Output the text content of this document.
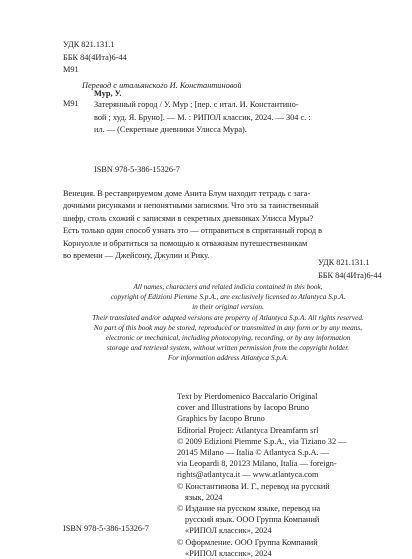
УДК 821.131.1
ББК 84(4Ита)6-44
М91
Перевод с итальянского И. Константиновой
Мур, У.
М91 Затерянный город / У. Мур ; [пер. с итал. И. Константино-
вой ; худ. Я. Бруно]. — М. : РИПОЛ классик, 2024. — 304 с. :
ил. — (Секретные дневники Улисса Мура).
ISBN 978-5-386-15326-7
Венеция. В реставрируемом доме Анита Блум находит тетрадь с зага-
дочными рисунками и непонятными записями. Что это за таинственный
шифр, столь схожий с записями в секретных дневниках Улисса Муры?
Есть только один способ узнать это — отправиться в спрятанный город в
Корнуолле и обратиться за помощью к отважным путешественникам
во времени — Джейсону, Джулии и Рику.
УДК 821.131.1
ББК 84(4Ита)6-44
All names, characters and related indicia contained in this book,
copyright of Edizioni Piemme S.p.A., are exclusively licensed to Atlantyca S.p.A.
in their original version.
Their translated and/or adapted versions are property of Atlantyca S.p.A. All rights reserved.
No part of this book may be stored, reproduced or transmitted in any form or by any means,
electronic or mechanical, including photocopying, recording, or by any information
storage and retrieval system, without written permission from the copyright holder.
For information address Atlantyca S.p.A.
Text by Pierdomenico Baccalario Original
cover and Illustrations by Iacopo Bruno
Graphics by Iacopo Bruno
Editorial Project: Atlantyca Dreamfarm srl
© 2009 Edizioni Piemme S.p.A., via Tiziano 32 —
20145 Milano — Italia © Atlantyca S.p.A. —
via Leopardi 8, 20123 Milano, Italia — foreign-
rights@atlantyca.it — www.atlantyca.com
© Константинова И. Г., перевод на русский
язык, 2024
© Издание на русском языке, перевод на
русский язык. ООО Группа Компаний
«РИПОЛ классик», 2024
© Оформление. ООО Группа Компаний
«РИПОЛ классик», 2024
ISBN 978-5-386-15326-7
